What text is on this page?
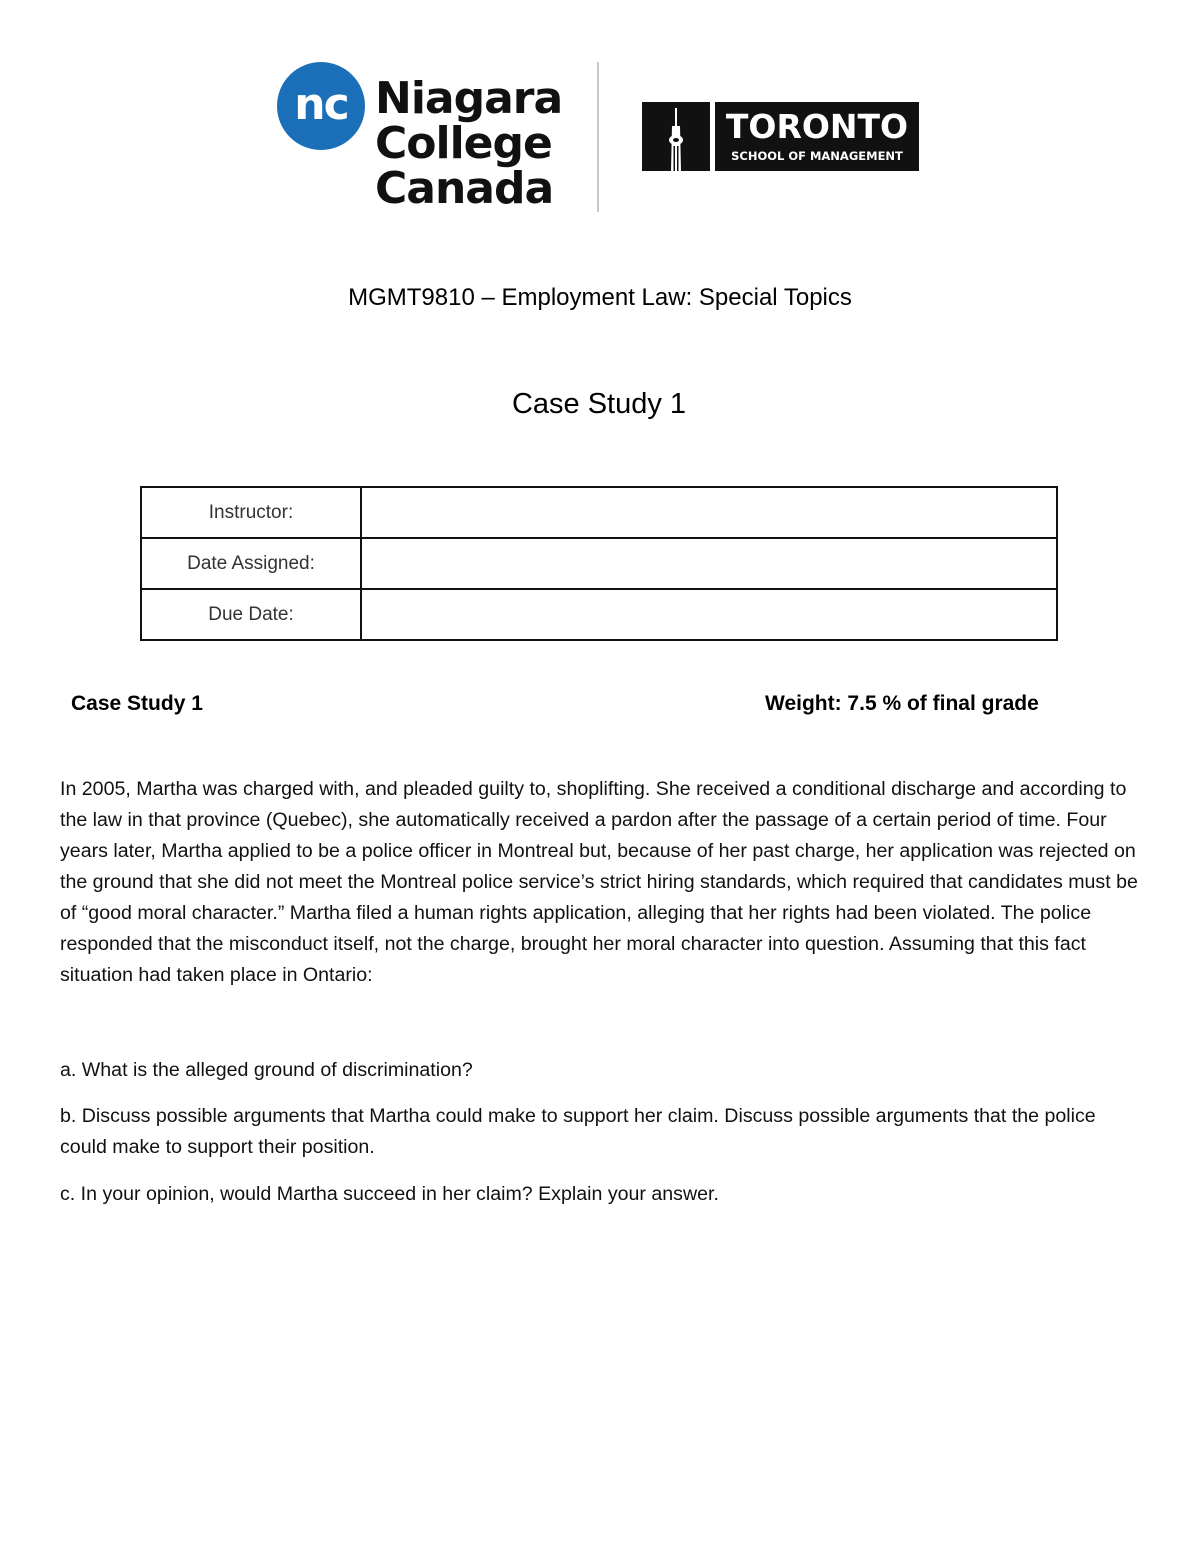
nc Niagara
College
Canada
TORONTO
SCHOOL OF MANAGEMENT
MGMT9810 – Employment Law: Special Topics
Case Study 1
Instructor:	
Date Assigned:	
Due Date:	
Case Study 1	Weight: 7.5 % of final grade
In 2005, Martha was charged with, and pleaded guilty to, shoplifting. She received a conditional discharge and according to the law in that province (Quebec), she automatically received a pardon after the passage of a certain period of time. Four years later, Martha applied to be a police officer in Montreal but, because of her past charge, her application was rejected on the ground that she did not meet the Montreal police service’s strict hiring standards, which required that candidates must be of “good moral character.” Martha filed a human rights application, alleging that her rights had been violated. The police responded that the misconduct itself, not the charge, brought her moral character into question. Assuming that this fact situation had taken place in Ontario:
a. What is the alleged ground of discrimination?
b. Discuss possible arguments that Martha could make to support her claim. Discuss possible arguments that the police could make to support their position.
c. In your opinion, would Martha succeed in her claim? Explain your answer.
